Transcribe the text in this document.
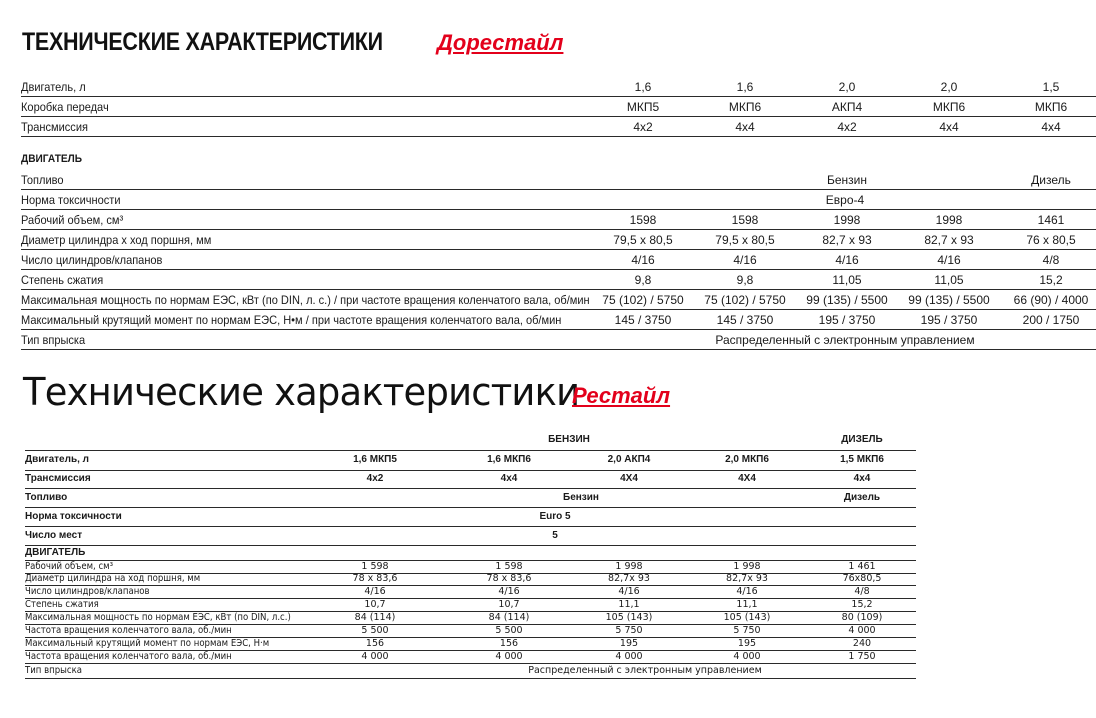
ТЕХНИЧЕСКИЕ ХАРАКТЕРИСТИКИ Дорестайл
Двигатель, л	1,6	1,6	2,0	2,0	1,5
Коробка передач	МКП5	МКП6	АКП4	МКП6	МКП6
Трансмиссия	4x2	4x4	4x2	4x4	4x4
ДВИГАТЕЛЬ
Топливо	Бензин	Дизель
Норма токсичности	Евро-4
Рабочий объем, см³	1598	1598	1998	1998	1461
Диаметр цилиндра х ход поршня, мм	79,5 x 80,5	79,5 x 80,5	82,7 x 93	82,7 x 93	76 x 80,5
Число цилиндров/клапанов	4/16	4/16	4/16	4/16	4/8
Степень сжатия	9,8	9,8	11,05	11,05	15,2
Максимальная мощность по нормам ЕЭС, кВт (по DIN, л. с.) / при частоте вращения коленчатого вала, об/мин	75 (102) / 5750	75 (102) / 5750	99 (135) / 5500	99 (135) / 5500	66 (90) / 4000
Максимальный крутящий момент по нормам ЕЭС, Н•м / при частоте вращения коленчатого вала, об/мин	145 / 3750	145 / 3750	195 / 3750	195 / 3750	200 / 1750
Тип впрыска	Распределенный с электронным управлением
Технические характеристики
Рестайл
БЕНЗИН	ДИЗЕЛЬ
Двигатель, л	1,6 МКП5	1,6 МКП6	2,0 АКП4	2,0 МКП6	1,5 МКП6
Трансмиссия	4x2	4x4	4X4	4X4	4x4
Топливо	Бензин	Дизель
Норма токсичности	Euro 5
Число мест	5
ДВИГАТЕЛЬ
Рабочий объем, см³	1 598	1 598	1 998	1 998	1 461
Диаметр цилиндра на ход поршня, мм	78 x 83,6	78 x 83,6	82,7x 93	82,7x 93	76x80,5
Число цилиндров/клапанов	4/16	4/16	4/16	4/16	4/8
Степень сжатия	10,7	10,7	11,1	11,1	15,2
Максимальная мощность по нормам ЕЭС, кВт (по DIN, л.с.)	84 (114)	84 (114)	105 (143)	105 (143)	80 (109)
Частота вращения коленчатого вала, об./мин	5 500	5 500	5 750	5 750	4 000
Максимальный крутящий момент по нормам ЕЭС, Н·м	156	156	195	195	240
Частота вращения коленчатого вала, об./мин	4 000	4 000	4 000	4 000	1 750
Тип впрыска	Распределенный с электронным управлением
